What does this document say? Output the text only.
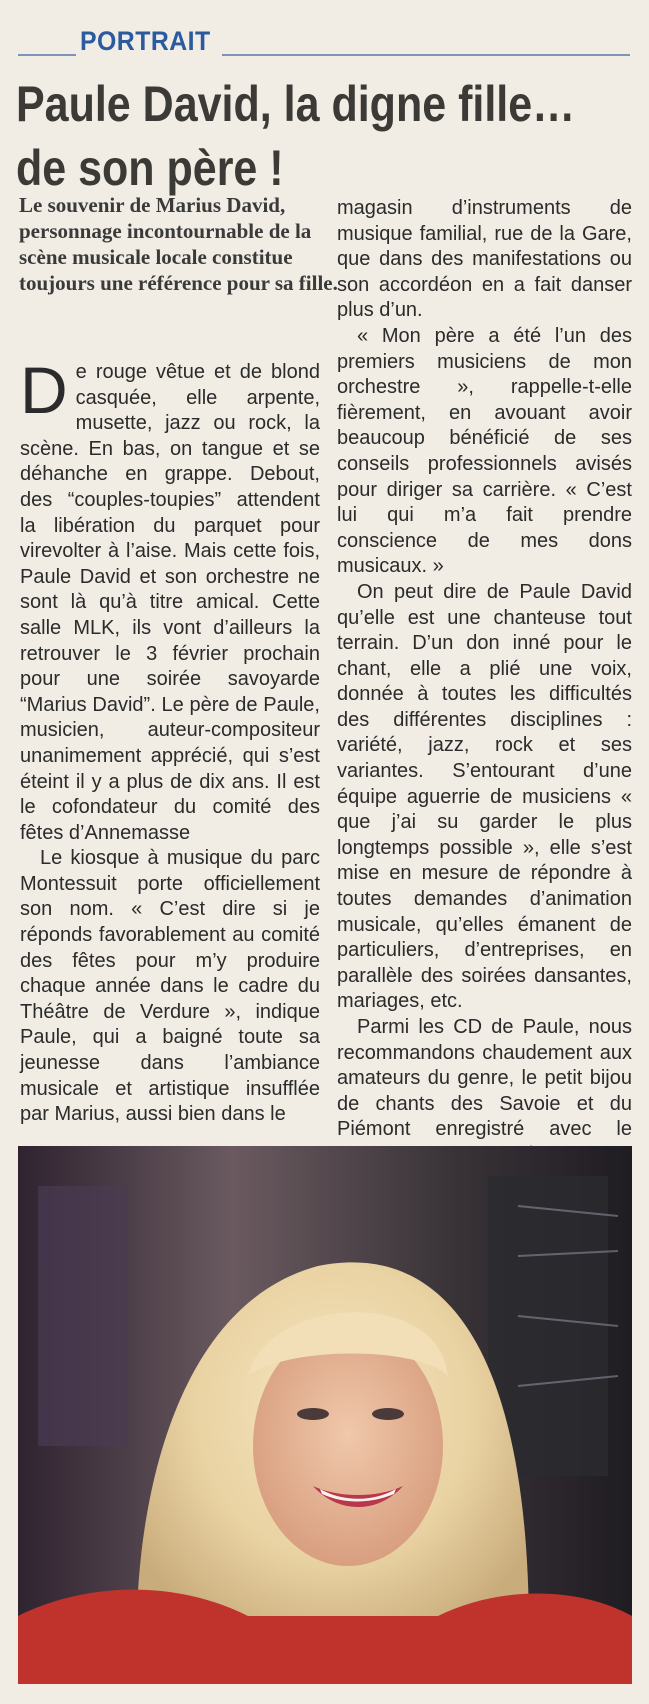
PORTRAIT
Paule David, la digne fille…
de son père !

Le souvenir de Marius David, personnage incontournable de la scène musicale locale constitue toujours une référence pour sa fille.

De rouge vêtue et de blond casquée, elle arpente, musette, jazz ou rock, la scène. En bas, on tangue et se déhanche en grappe. Debout, des “couples-toupies” attendent la libération du parquet pour virevolter à l’aise. Mais cette fois, Paule David et son orchestre ne sont là qu’à titre amical. Cette salle MLK, ils vont d’ailleurs la retrouver le 3 février prochain pour une soirée savoyarde “Marius David”. Le père de Paule, musicien, auteur-compositeur unanimement apprécié, qui s’est éteint il y a plus de dix ans. Il est le cofondateur du comité des fêtes d’Annemasse

Le kiosque à musique du parc Montessuit porte officiellement son nom. « C’est dire si je réponds favorablement au comité des fêtes pour m’y produire chaque année dans le cadre du Théâtre de Verdure », indique Paule, qui a baigné toute sa jeunesse dans l’ambiance musicale et artistique insufflée par Marius, aussi bien dans le

magasin d’instruments de musique familial, rue de la Gare, que dans des manifestations ou son accordéon en a fait danser plus d’un.

« Mon père a été l’un des premiers musiciens de mon orchestre », rappelle-t-elle fièrement, en avouant avoir beaucoup bénéficié de ses conseils professionnels avisés pour diriger sa carrière. « C’est lui qui m’a fait prendre conscience de mes dons musicaux. »

On peut dire de Paule David qu’elle est une chanteuse tout terrain. D’un don inné pour le chant, elle a plié une voix, donnée à toutes les difficultés des différentes disciplines : variété, jazz, rock et ses variantes. S’entourant d’une équipe aguerrie de musiciens « que j’ai su garder le plus longtemps possible », elle s’est mise en mesure de répondre à toutes demandes d’animation musicale, qu’elles émanent de particuliers, d’entreprises, en parallèle des soirées dansantes, mariages, etc.

Parmi les CD de Paule, nous recommandons chaudement aux amateurs du genre, le petit bijou de chants des Savoie et du Piémont enregistré avec le
